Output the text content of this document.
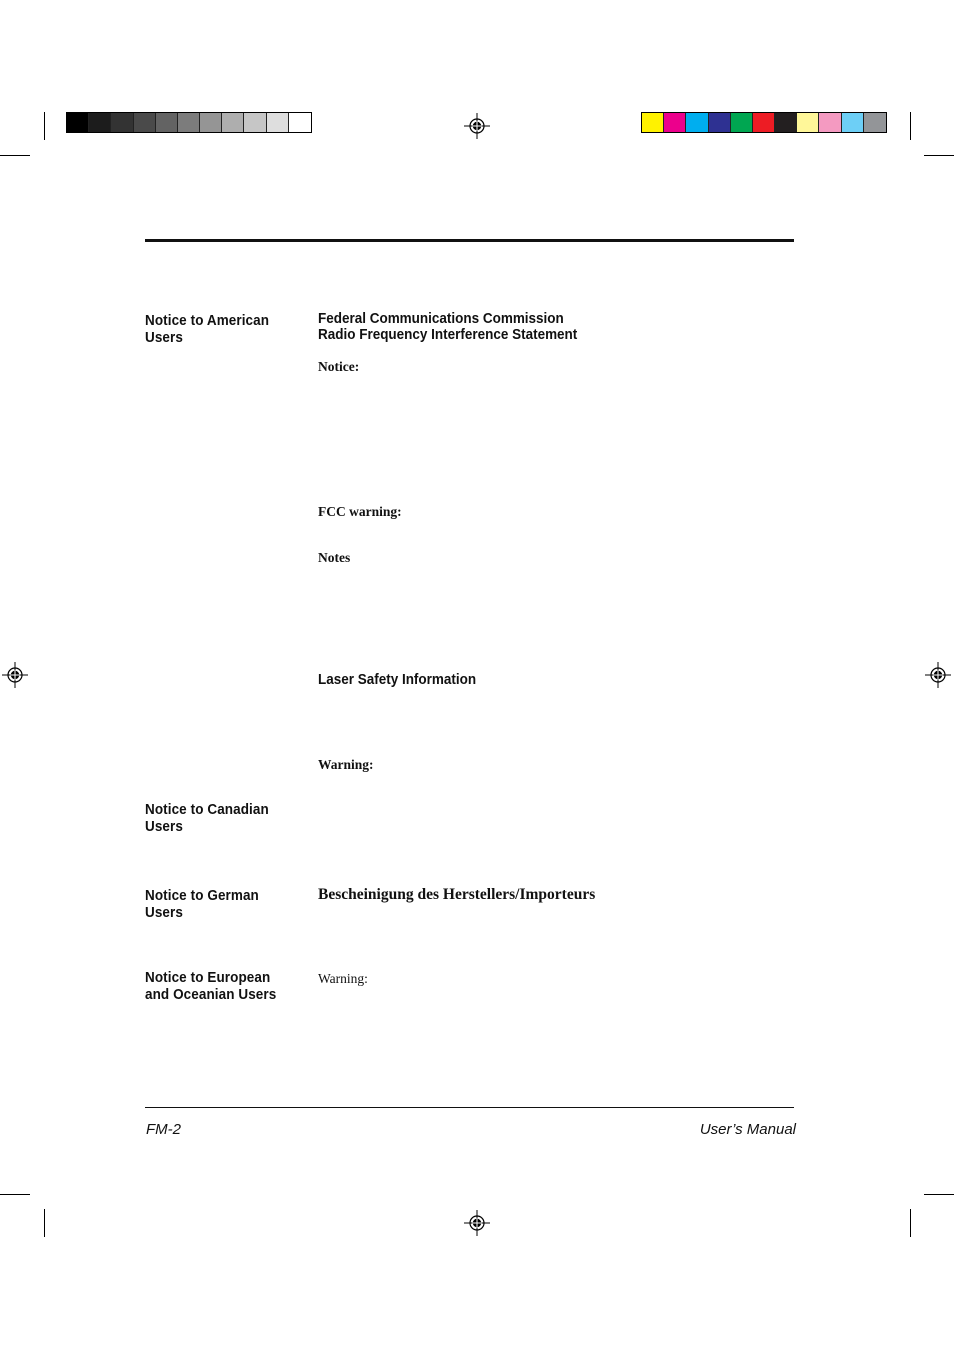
Notice to American
Users
Notice to Canadian
Users
Notice to German
Users
Notice to European
and Oceanian Users
Federal Communications Commission
Radio Frequency Interference Statement
Notice:
FCC warning:
Notes
Laser Safety Information
Warning:
Bescheinigung des Herstellers/Importeurs
Warning:
FM-2	User’s Manual
